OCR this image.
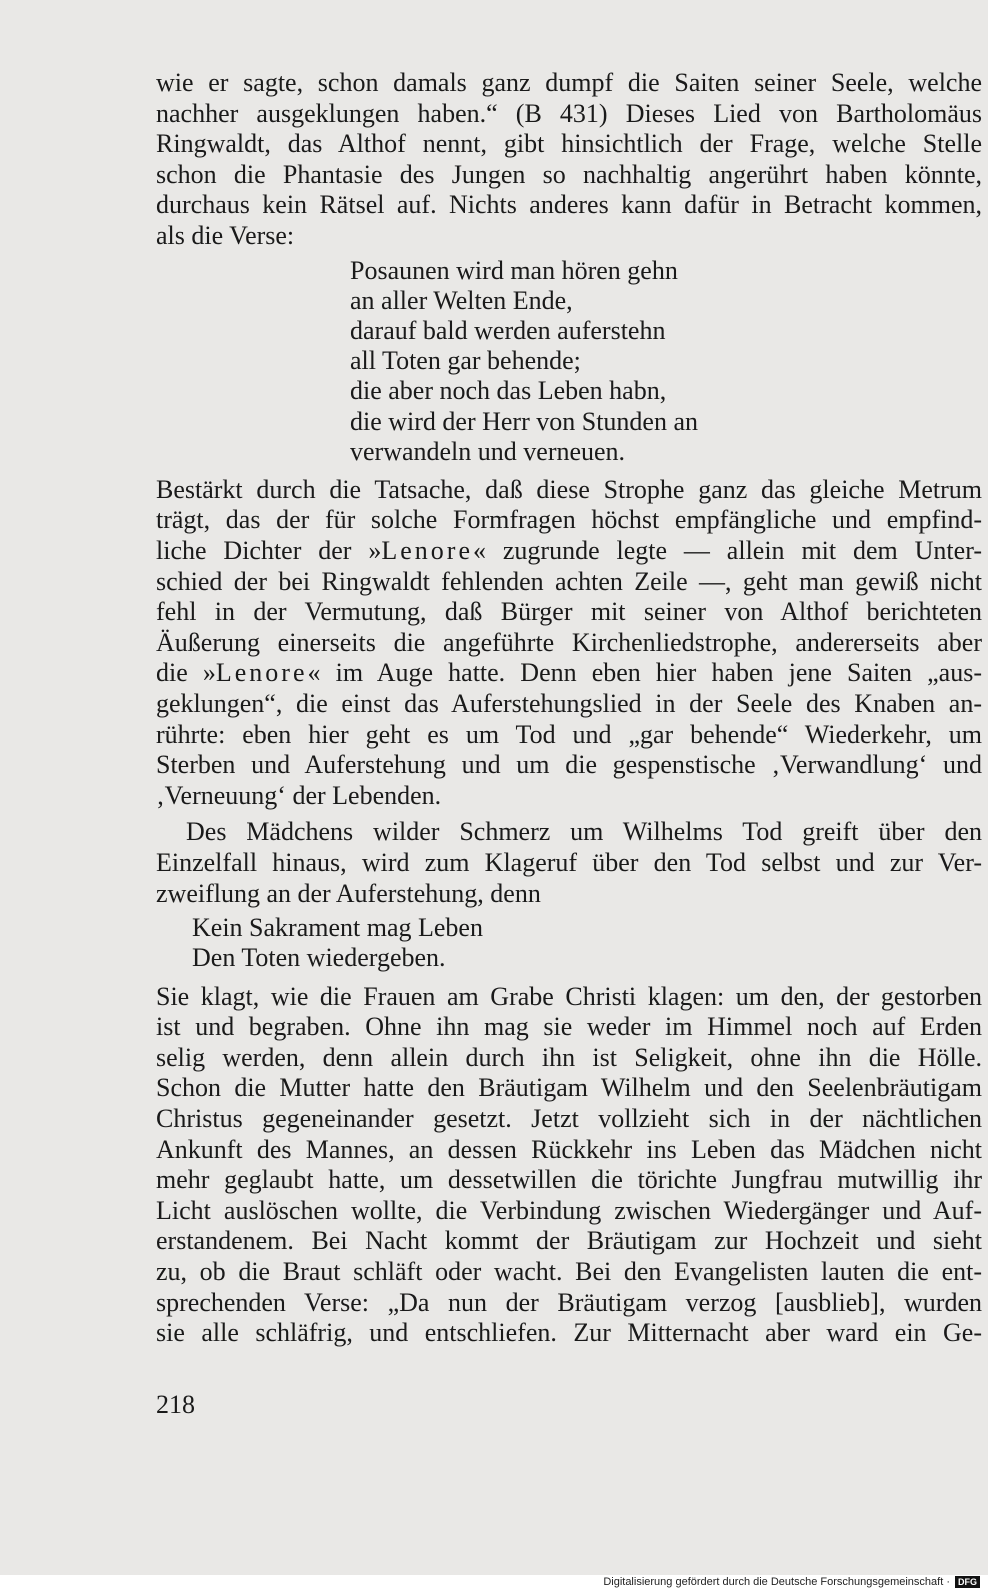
wie er sagte, schon damals ganz dumpf die Saiten seiner Seele, welche
nachher ausgeklungen haben.“ (B 431) Dieses Lied von Bartholomäus
Ringwaldt, das Althof nennt, gibt hinsichtlich der Frage, welche Stelle
schon die Phantasie des Jungen so nachhaltig angerührt haben könnte,
durchaus kein Rätsel auf. Nichts anderes kann dafür in Betracht kommen,
als die Verse:
Posaunen wird man hören gehn
an aller Welten Ende,
darauf bald werden auferstehn
all Toten gar behende;
die aber noch das Leben habn,
die wird der Herr von Stunden an
verwandeln und verneuen.
Bestärkt durch die Tatsache, daß diese Strophe ganz das gleiche Metrum
trägt, das der für solche Formfragen höchst empfängliche und empfind-
liche Dichter der »Lenore« zugrunde legte — allein mit dem Unter-
schied der bei Ringwaldt fehlenden achten Zeile —, geht man gewiß nicht
fehl in der Vermutung, daß Bürger mit seiner von Althof berichteten
Äußerung einerseits die angeführte Kirchenliedstrophe, andererseits aber
die »Lenore« im Auge hatte. Denn eben hier haben jene Saiten „aus-
geklungen“, die einst das Auferstehungslied in der Seele des Knaben an-
rührte: eben hier geht es um Tod und „gar behende“ Wiederkehr, um
Sterben und Auferstehung und um die gespenstische ‚Verwandlung‘ und
‚Verneuung‘ der Lebenden.
Des Mädchens wilder Schmerz um Wilhelms Tod greift über den
Einzelfall hinaus, wird zum Klageruf über den Tod selbst und zur Ver-
zweiflung an der Auferstehung, denn
Kein Sakrament mag Leben
Den Toten wiedergeben.
Sie klagt, wie die Frauen am Grabe Christi klagen: um den, der gestorben
ist und begraben. Ohne ihn mag sie weder im Himmel noch auf Erden
selig werden, denn allein durch ihn ist Seligkeit, ohne ihn die Hölle.
Schon die Mutter hatte den Bräutigam Wilhelm und den Seelenbräutigam
Christus gegeneinander gesetzt. Jetzt vollzieht sich in der nächtlichen
Ankunft des Mannes, an dessen Rückkehr ins Leben das Mädchen nicht
mehr geglaubt hatte, um dessetwillen die törichte Jungfrau mutwillig ihr
Licht auslöschen wollte, die Verbindung zwischen Wiedergänger und Auf-
erstandenem. Bei Nacht kommt der Bräutigam zur Hochzeit und sieht
zu, ob die Braut schläft oder wacht. Bei den Evangelisten lauten die ent-
sprechenden Verse: „Da nun der Bräutigam verzog [ausblieb], wurden
sie alle schläfrig, und entschliefen. Zur Mitternacht aber ward ein Ge-
218
Digitalisierung gefördert durch die Deutsche Forschungsgemeinschaft · DFG
